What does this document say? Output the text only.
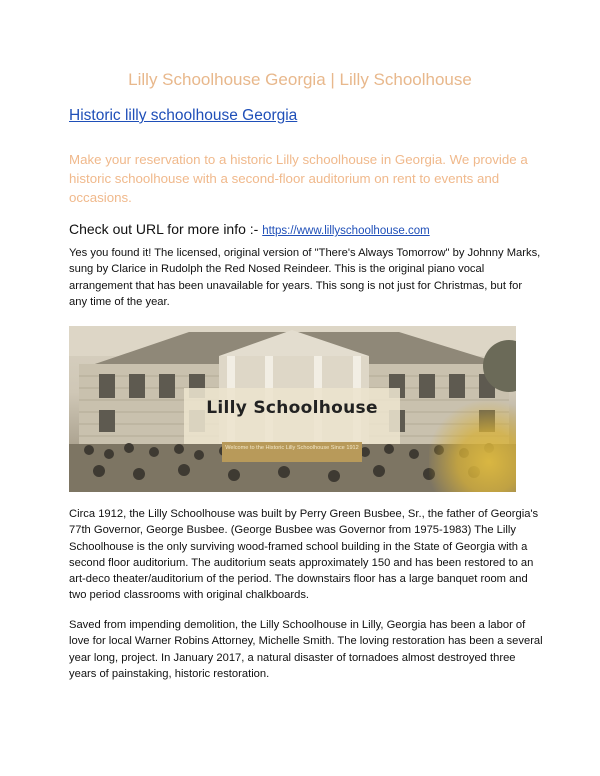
Lilly Schoolhouse Georgia | Lilly Schoolhouse
Historic lilly schoolhouse Georgia
Make your reservation to a historic Lilly schoolhouse in Georgia. We provide a historic schoolhouse with a second-floor auditorium on rent to events and occasions.
Check out URL for more info :- https://www.lillyschoolhouse.com
Yes you found it! The licensed, original version of "There's Always Tomorrow" by Johnny Marks, sung by Clarice in Rudolph the Red Nosed Reindeer. This is the original piano vocal arrangement that has been unavailable for years. This song is not just for Christmas, but for any time of the year.
Lilly Schoolhouse
Welcome to the Historic Lilly Schoolhouse Since 1912
Circa 1912, the Lilly Schoolhouse was built by Perry Green Busbee, Sr., the father of Georgia's 77th Governor, George Busbee. (George Busbee was Governor from 1975-1983) The Lilly Schoolhouse is the only surviving wood-framed school building in the State of Georgia with a second floor auditorium. The auditorium seats approximately 150 and has been restored to an art-deco theater/auditorium of the period. The downstairs floor has a large banquet room and two period classrooms with original chalkboards.
Saved from impending demolition, the Lilly Schoolhouse in Lilly, Georgia has been a labor of love for local Warner Robins Attorney, Michelle Smith. The loving restoration has been a several year long, project. In January 2017, a natural disaster of tornadoes almost destroyed three years of painstaking, historic restoration.
